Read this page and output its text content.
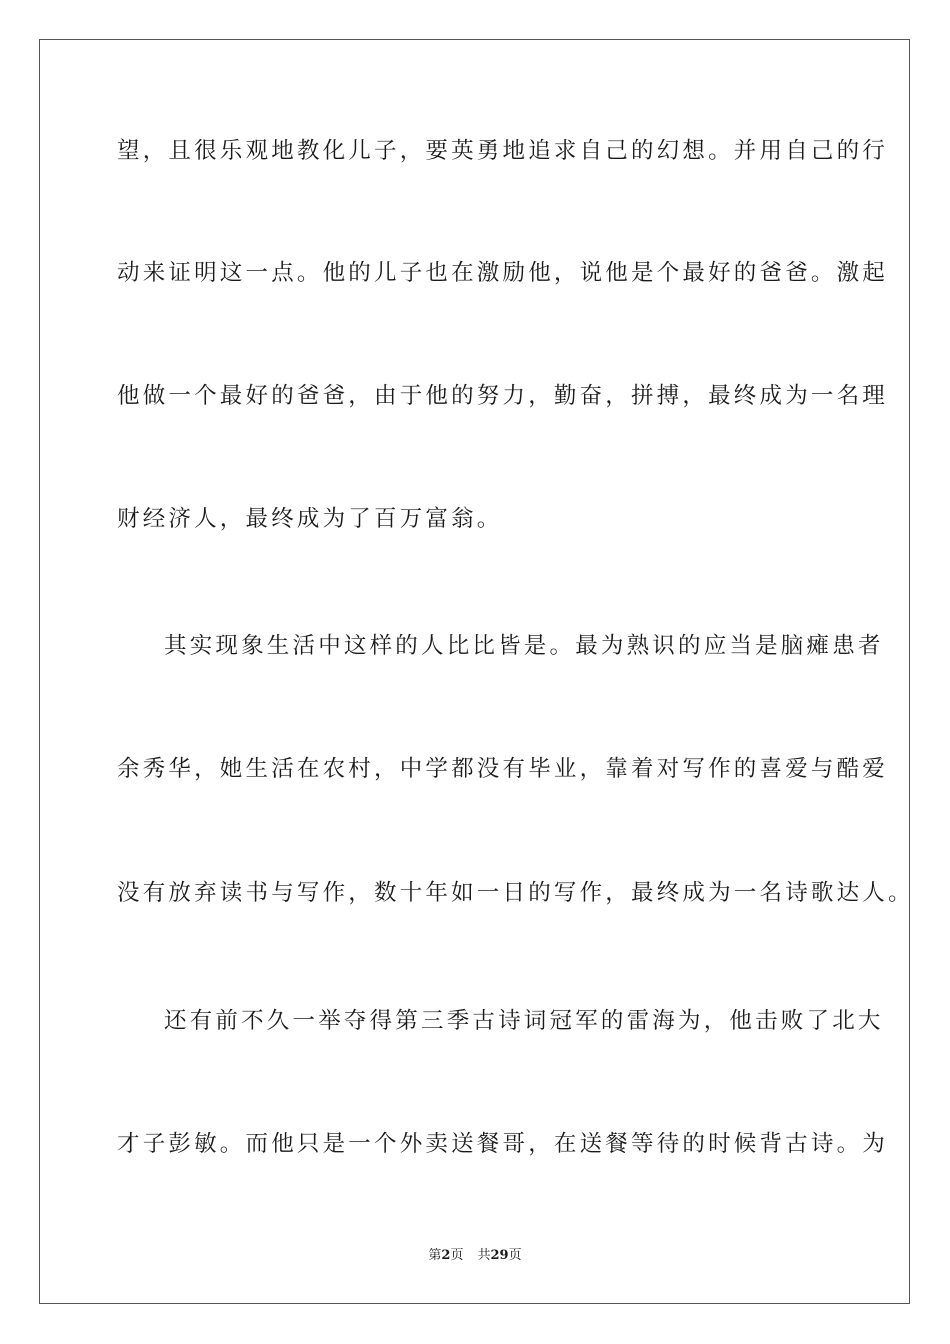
望，且很乐观地教化儿子，要英勇地追求自己的幻想。并用自己的行
动来证明这一点。他的儿子也在激励他，说他是个最好的爸爸。激起
他做一个最好的爸爸，由于他的努力，勤奋，拼搏，最终成为一名理
财经济人，最终成为了百万富翁。
其实现象生活中这样的人比比皆是。最为熟识的应当是脑瘫患者
余秀华，她生活在农村，中学都没有毕业，靠着对写作的喜爱与酷爱
没有放弃读书与写作，数十年如一日的写作，最终成为一名诗歌达人。
还有前不久一举夺得第三季古诗词冠军的雷海为，他击败了北大
才子彭敏。而他只是一个外卖送餐哥，在送餐等待的时候背古诗。为
第2页 共29页
